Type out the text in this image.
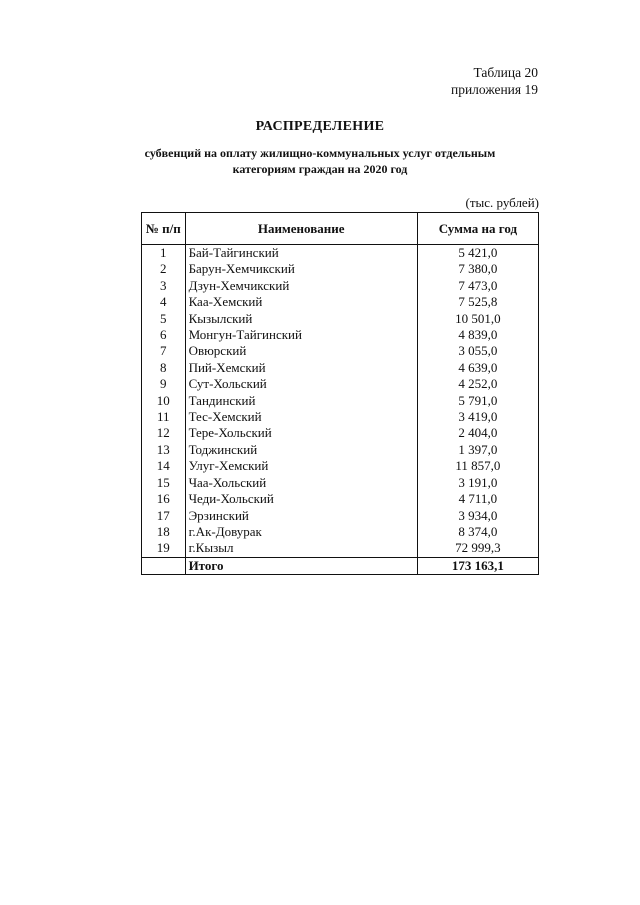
Таблица 20
приложения 19
РАСПРЕДЕЛЕНИЕ
субвенций на оплату жилищно-коммунальных услуг отдельным
категориям граждан на 2020 год
(тыс. рублей)
№ п/п	Наименование	Сумма на год
1	Бай-Тайгинский	5 421,0
2	Барун-Хемчикский	7 380,0
3	Дзун-Хемчикский	7 473,0
4	Каа-Хемский	7 525,8
5	Кызылский	10 501,0
6	Монгун-Тайгинский	4 839,0
7	Овюрский	3 055,0
8	Пий-Хемский	4 639,0
9	Сут-Хольский	4 252,0
10	Тандинский	5 791,0
11	Тес-Хемский	3 419,0
12	Тере-Хольский	2 404,0
13	Тоджинский	1 397,0
14	Улуг-Хемский	11 857,0
15	Чаа-Хольский	3 191,0
16	Чеди-Хольский	4 711,0
17	Эрзинский	3 934,0
18	г.Ак-Довурак	8 374,0
19	г.Кызыл	72 999,3
	Итого	173 163,1
